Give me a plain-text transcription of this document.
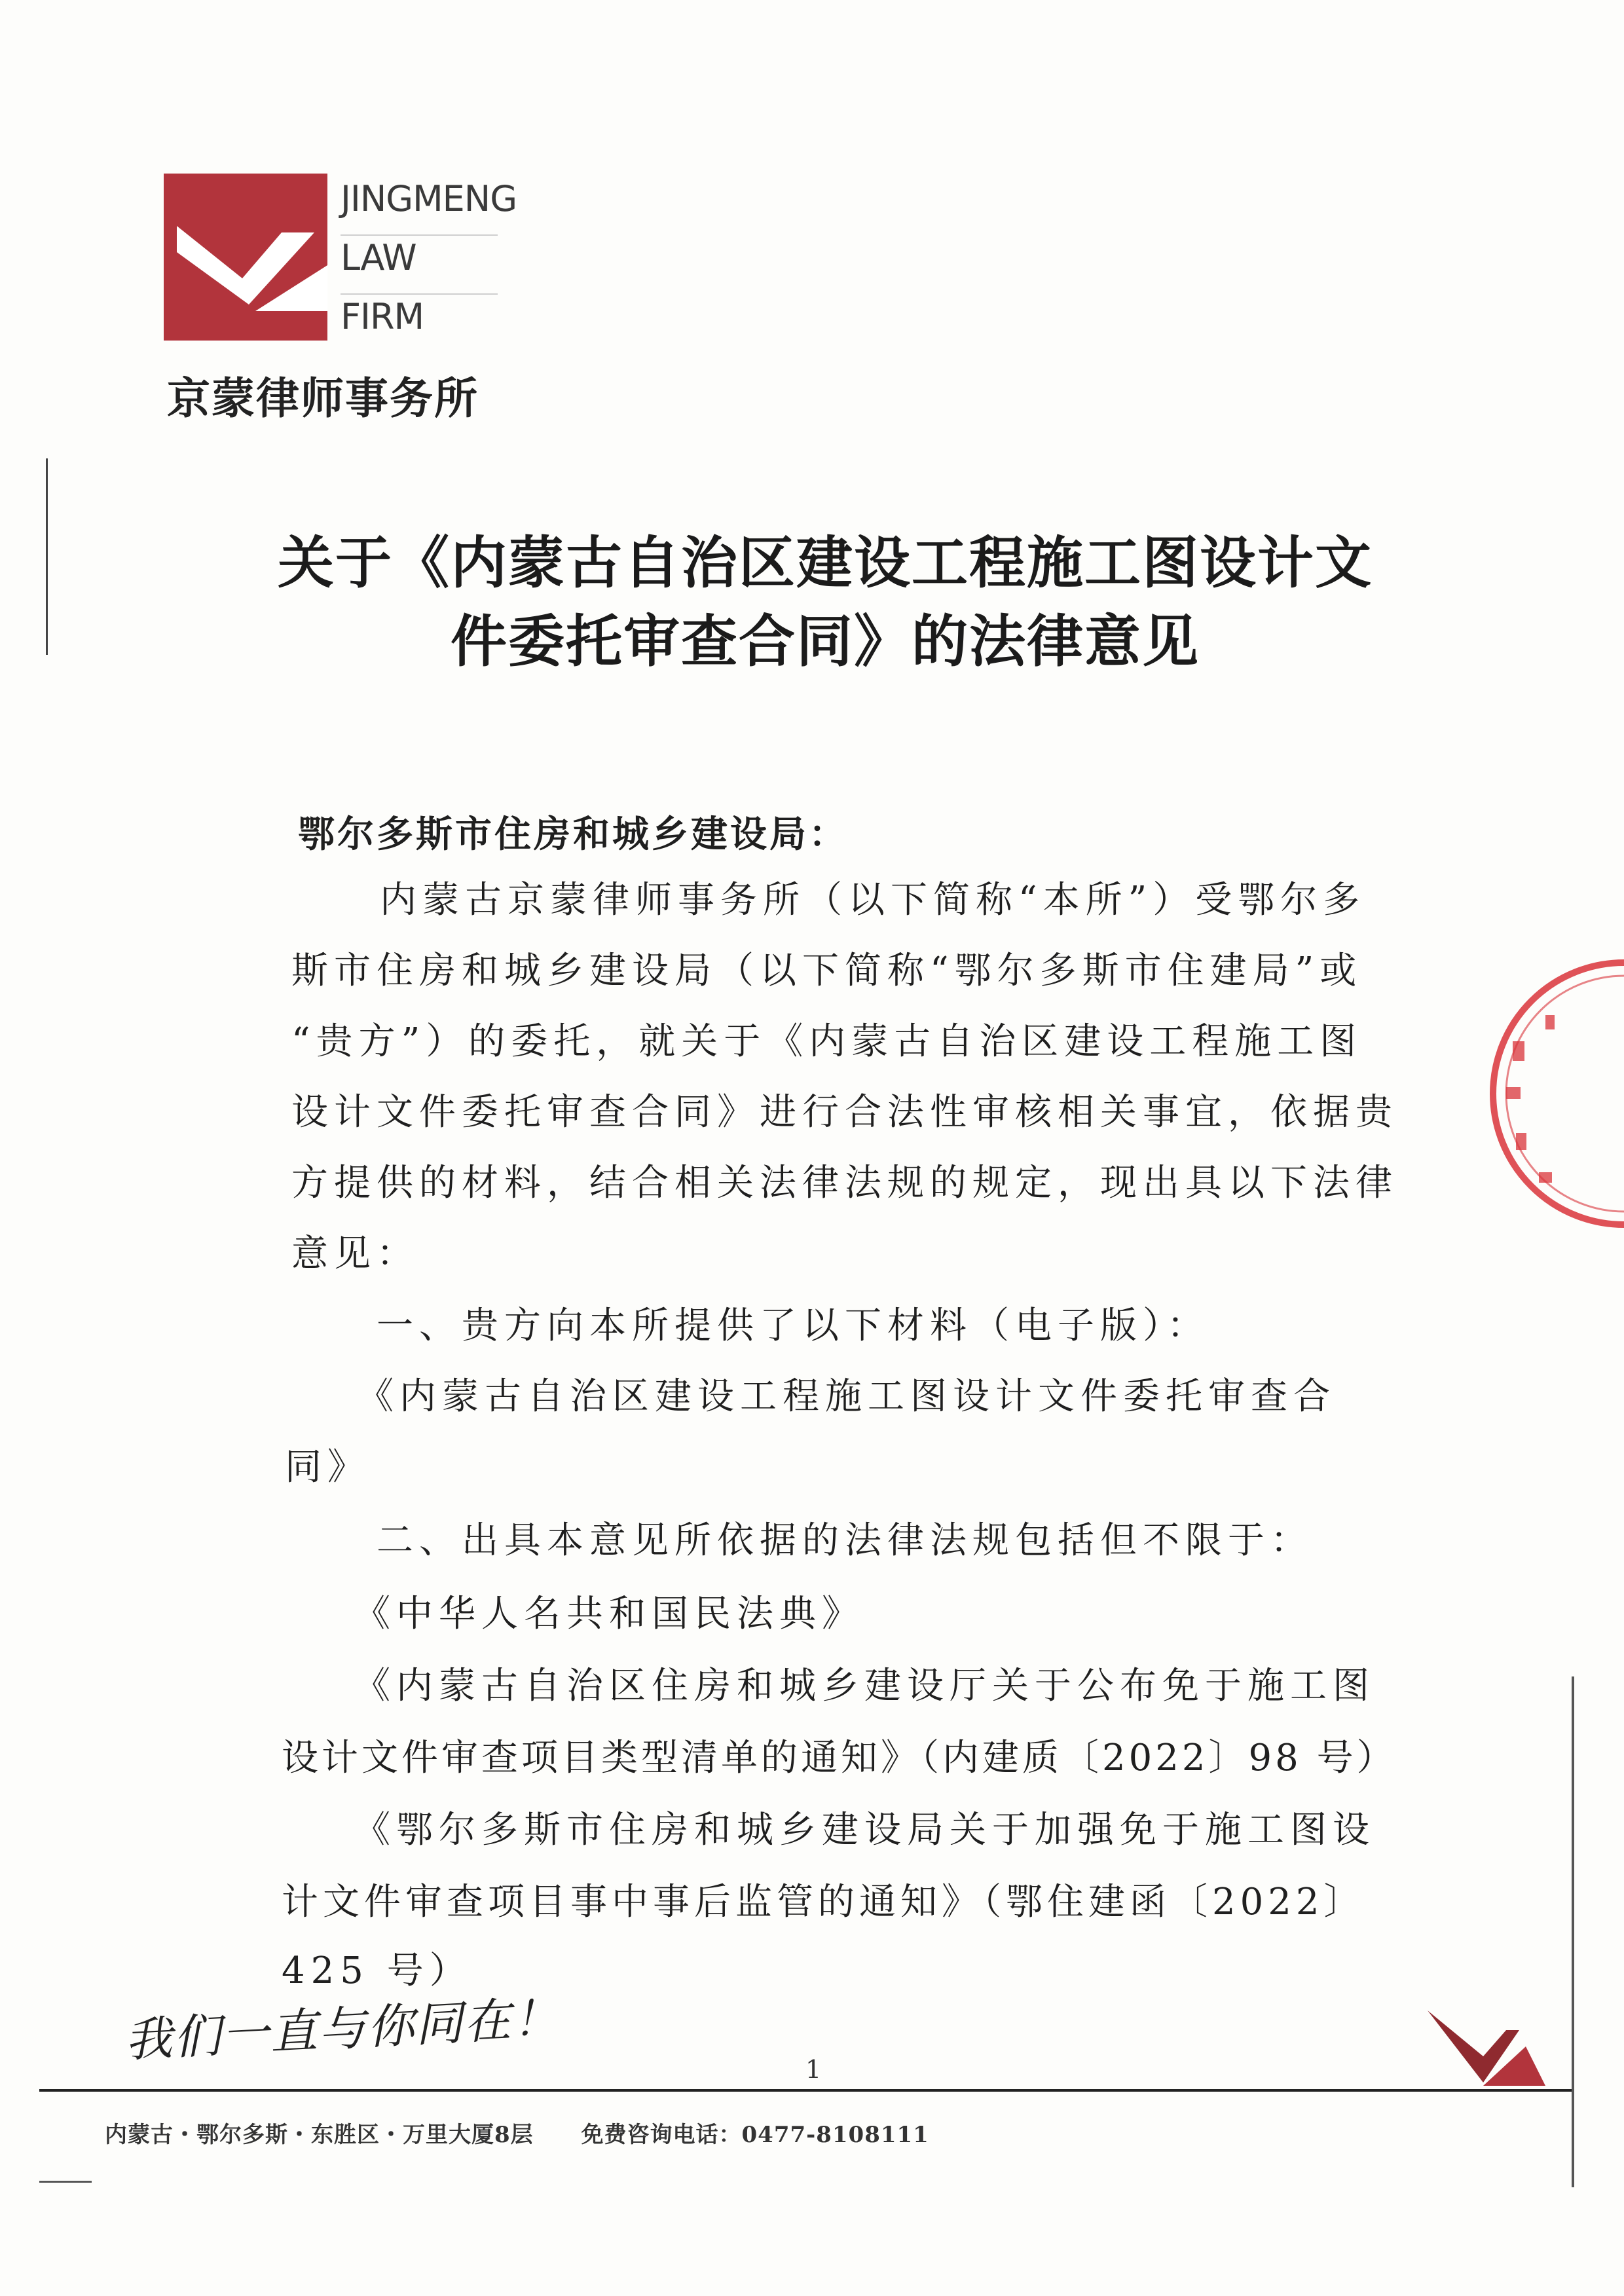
JINGMENG
LAW
FIRM
京蒙律师事务所
关于《内蒙古自治区建设工程施工图设计文
件委托审查合同》的法律意见
鄂尔多斯市住房和城乡建设局：
内蒙古京蒙律师事务所（以下简称“本所”）受鄂尔多
斯市住房和城乡建设局（以下简称“鄂尔多斯市住建局”或
“贵方”）的委托，就关于《内蒙古自治区建设工程施工图
设计文件委托审查合同》进行合法性审核相关事宜，依据贵
方提供的材料，结合相关法律法规的规定，现出具以下法律
意见：
一、贵方向本所提供了以下材料（电子版）：
《内蒙古自治区建设工程施工图设计文件委托审查合
同》
二、出具本意见所依据的法律法规包括但不限于：
《中华人名共和国民法典》
《内蒙古自治区住房和城乡建设厅关于公布免于施工图
设计文件审查项目类型清单的通知》（内建质〔2022〕98 号）
《鄂尔多斯市住房和城乡建设局关于加强免于施工图设
计文件审查项目事中事后监管的通知》（鄂住建函〔2022〕
425 号）
我们一直与你同在！
1
内蒙古・鄂尔多斯・东胜区・万里大厦8层 免费咨询电话：0477-8108111
